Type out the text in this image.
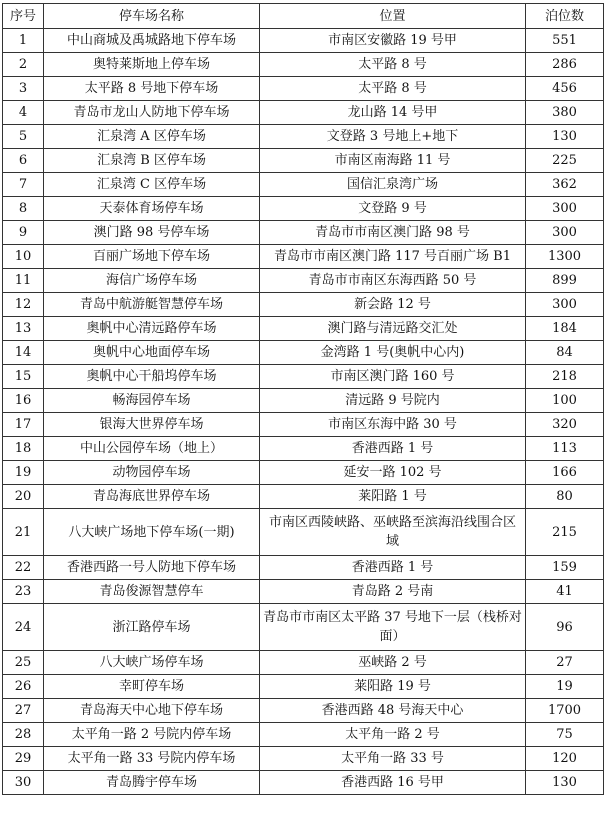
序号	停车场名称	位置	泊位数
1	中山商城及禹城路地下停车场	市南区安徽路 19 号甲	551
2	奥特莱斯地上停车场	太平路 8 号	286
3	太平路 8 号地下停车场	太平路 8 号	456
4	青岛市龙山人防地下停车场	龙山路 14 号甲	380
5	汇泉湾 A 区停车场	文登路 3 号地上+地下	130
6	汇泉湾 B 区停车场	市南区南海路 11 号	225
7	汇泉湾 C 区停车场	国信汇泉湾广场	362
8	天泰体育场停车场	文登路 9 号	300
9	澳门路 98 号停车场	青岛市市南区澳门路 98 号	300
10	百丽广场地下停车场	青岛市市南区澳门路 117 号百丽广场 B1	1300
11	海信广场停车场	青岛市市南区东海西路 50 号	899
12	青岛中航游艇智慧停车场	新会路 12 号	300
13	奥帆中心清远路停车场	澳门路与清远路交汇处	184
14	奥帆中心地面停车场	金湾路 1 号(奥帆中心内)	84
15	奥帆中心干船坞停车场	市南区澳门路 160 号	218
16	畅海园停车场	清远路 9 号院内	100
17	银海大世界停车场	市南区东海中路 30 号	320
18	中山公园停车场（地上）	香港西路 1 号	113
19	动物园停车场	延安一路 102 号	166
20	青岛海底世界停车场	莱阳路 1 号	80
21	八大峡广场地下停车场(一期)	市南区西陵峡路、巫峡路至滨海沿线围合区域	215
22	香港西路一号人防地下停车场	香港西路 1 号	159
23	青岛俊源智慧停车	青岛路 2 号南	41
24	浙江路停车场	青岛市市南区太平路 37 号地下一层（栈桥对面）	96
25	八大峡广场停车场	巫峡路 2 号	27
26	幸町停车场	莱阳路 19 号	19
27	青岛海天中心地下停车场	香港西路 48 号海天中心	1700
28	太平角一路 2 号院内停车场	太平角一路 2 号	75
29	太平角一路 33 号院内停车场	太平角一路 33 号	120
30	青岛腾宇停车场	香港西路 16 号甲	130
